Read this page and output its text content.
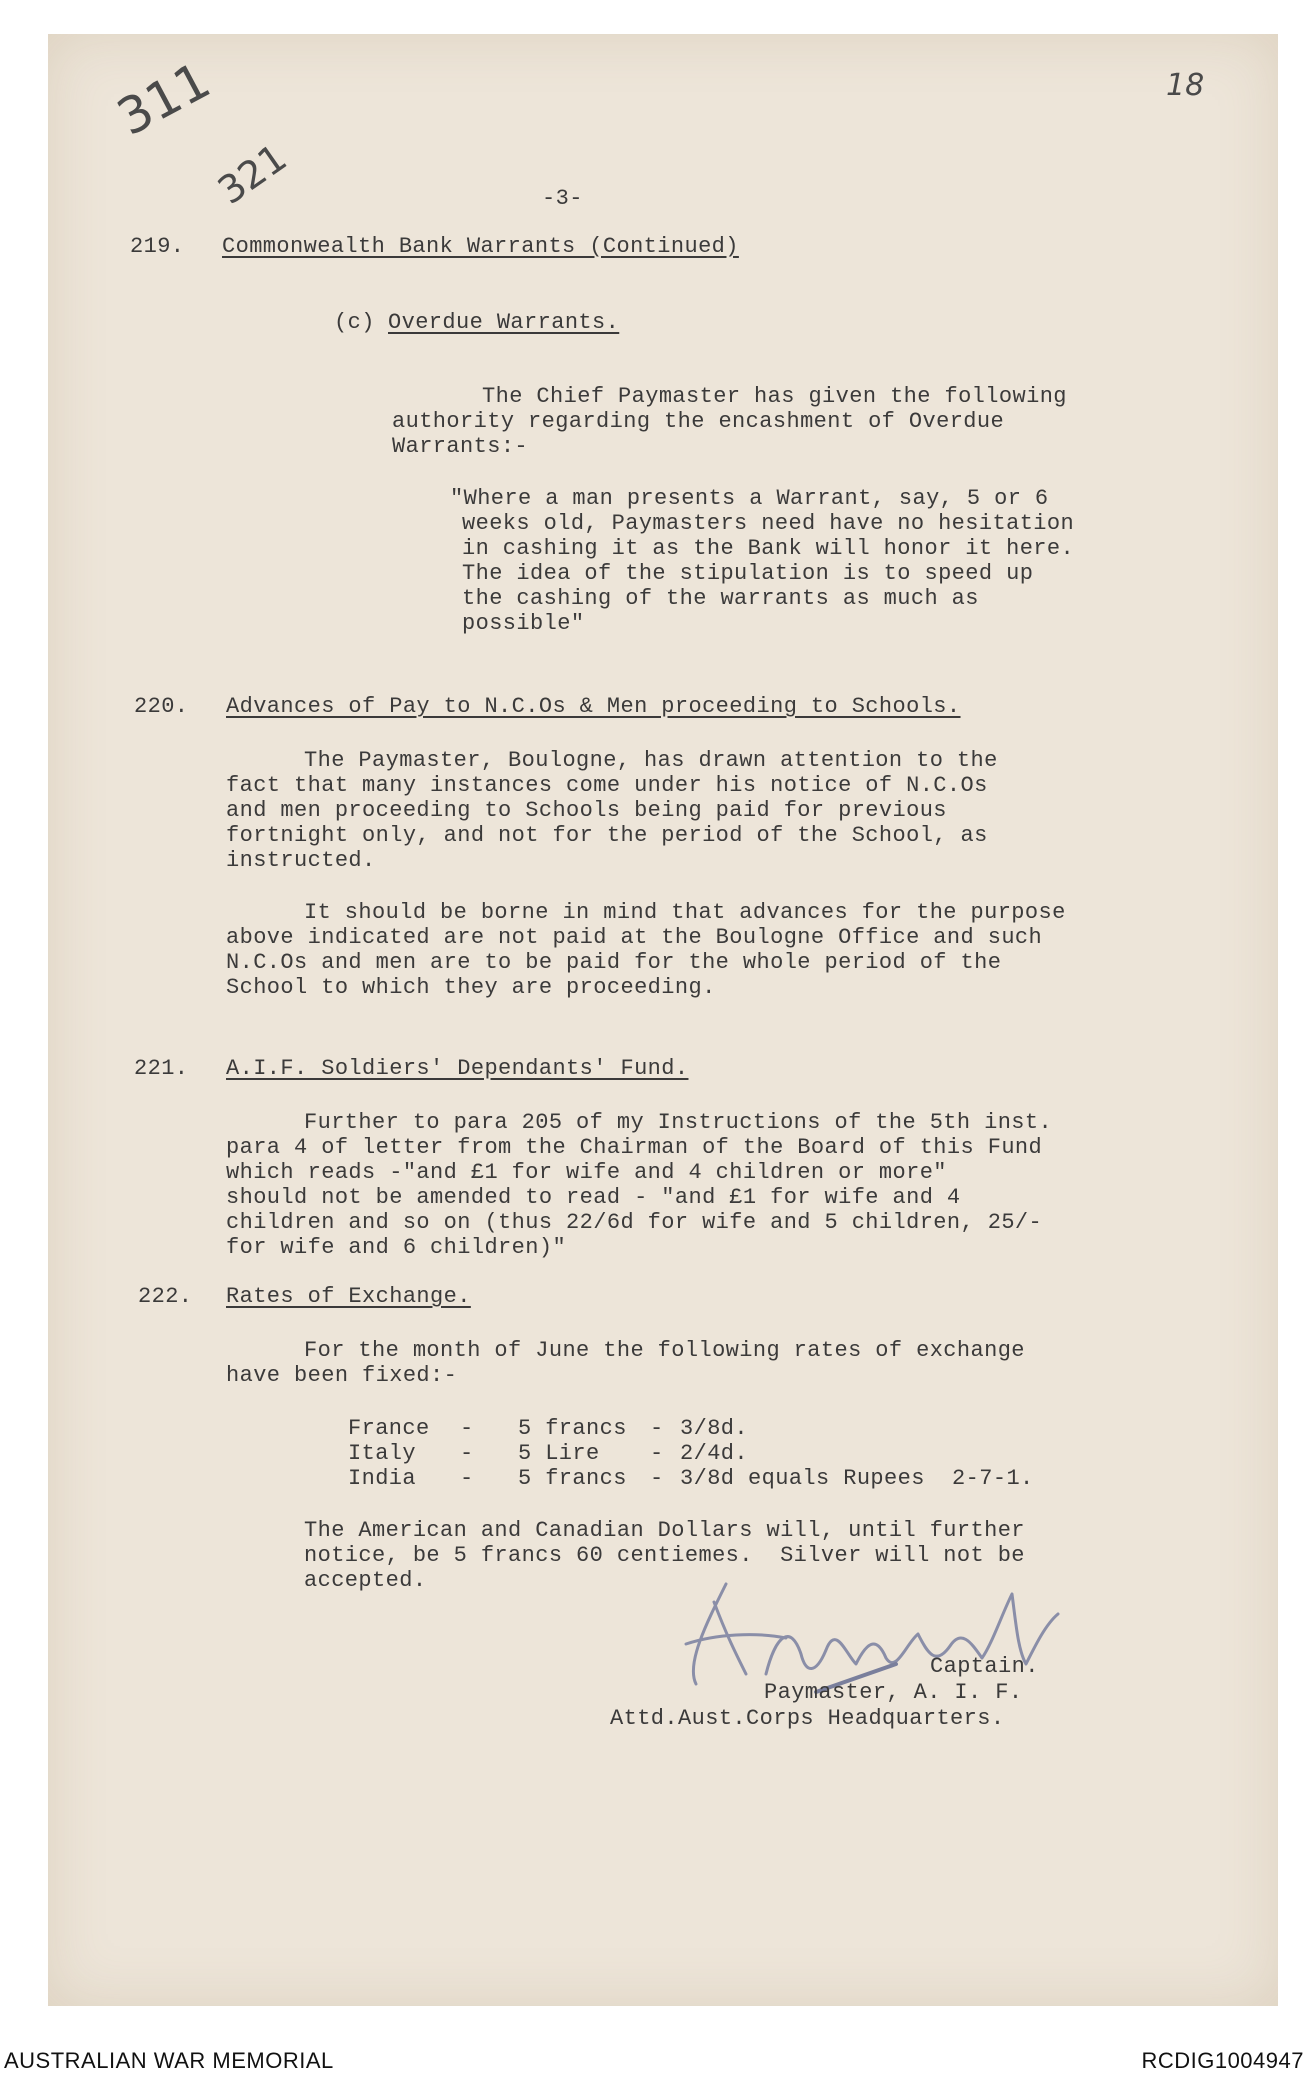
311
321
18
-3-
219. Commonwealth Bank Warrants (Continued)
(c) Overdue Warrants.
The Chief Paymaster has given the following
authority regarding the encashment of Overdue
Warrants:-
"Where a man presents a Warrant, say, 5 or 6
weeks old, Paymasters need have no hesitation
in cashing it as the Bank will honor it here.
The idea of the stipulation is to speed up
the cashing of the warrants as much as
possible"
220. Advances of Pay to N.C.Os & Men proceeding to Schools.
The Paymaster, Boulogne, has drawn attention to the
fact that many instances come under his notice of N.C.Os
and men proceeding to Schools being paid for previous
fortnight only, and not for the period of the School, as
instructed.
It should be borne in mind that advances for the purpose
above indicated are not paid at the Boulogne Office and such
N.C.Os and men are to be paid for the whole period of the
School to which they are proceeding.
221. A.I.F. Soldiers' Dependants' Fund.
Further to para 205 of my Instructions of the 5th inst.
para 4 of letter from the Chairman of the Board of this Fund
which reads -"and £1 for wife and 4 children or more"
should not be amended to read - "and £1 for wife and 4
children and so on (thus 22/6d for wife and 5 children, 25/-
for wife and 6 children)"
222. Rates of Exchange.
For the month of June the following rates of exchange
have been fixed:-
France - 5 francs - 3/8d.
Italy - 5 Lire - 2/4d.
India - 5 francs - 3/8d equals Rupees  2-7-1.
The American and Canadian Dollars will, until further
notice, be 5 francs 60 centiemes.  Silver will not be
accepted.
Captain.
Paymaster, A. I. F.
Attd.Aust.Corps Headquarters.
AUSTRALIAN WAR MEMORIAL	RCDIG1004947
